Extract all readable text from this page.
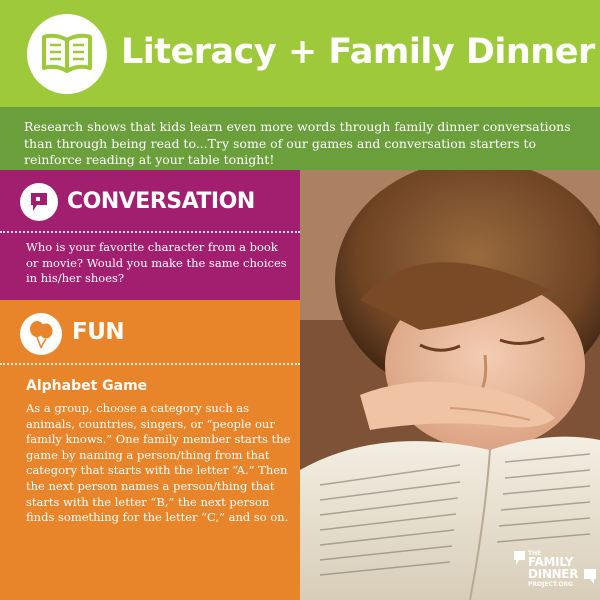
Literacy + Family Dinner

Research shows that kids learn even more words through family dinner conversations than through being read to...Try some of our games and conversation starters to reinforce reading at your table tonight!

CONVERSATION

Who is your favorite character from a book or movie? Would you make the same choices in his/her shoes?

FUN
Alphabet Game

As a group, choose a category such as animals, countries, singers, or “people our family knows.” One family member starts the game by naming a person/thing from that category that starts with the letter “A.” Then the next person names a person/thing that starts with the letter “B,” the next person finds something for the letter “C,” and so on.

THE
FAMILY
DINNER
PROJECT.ORG
